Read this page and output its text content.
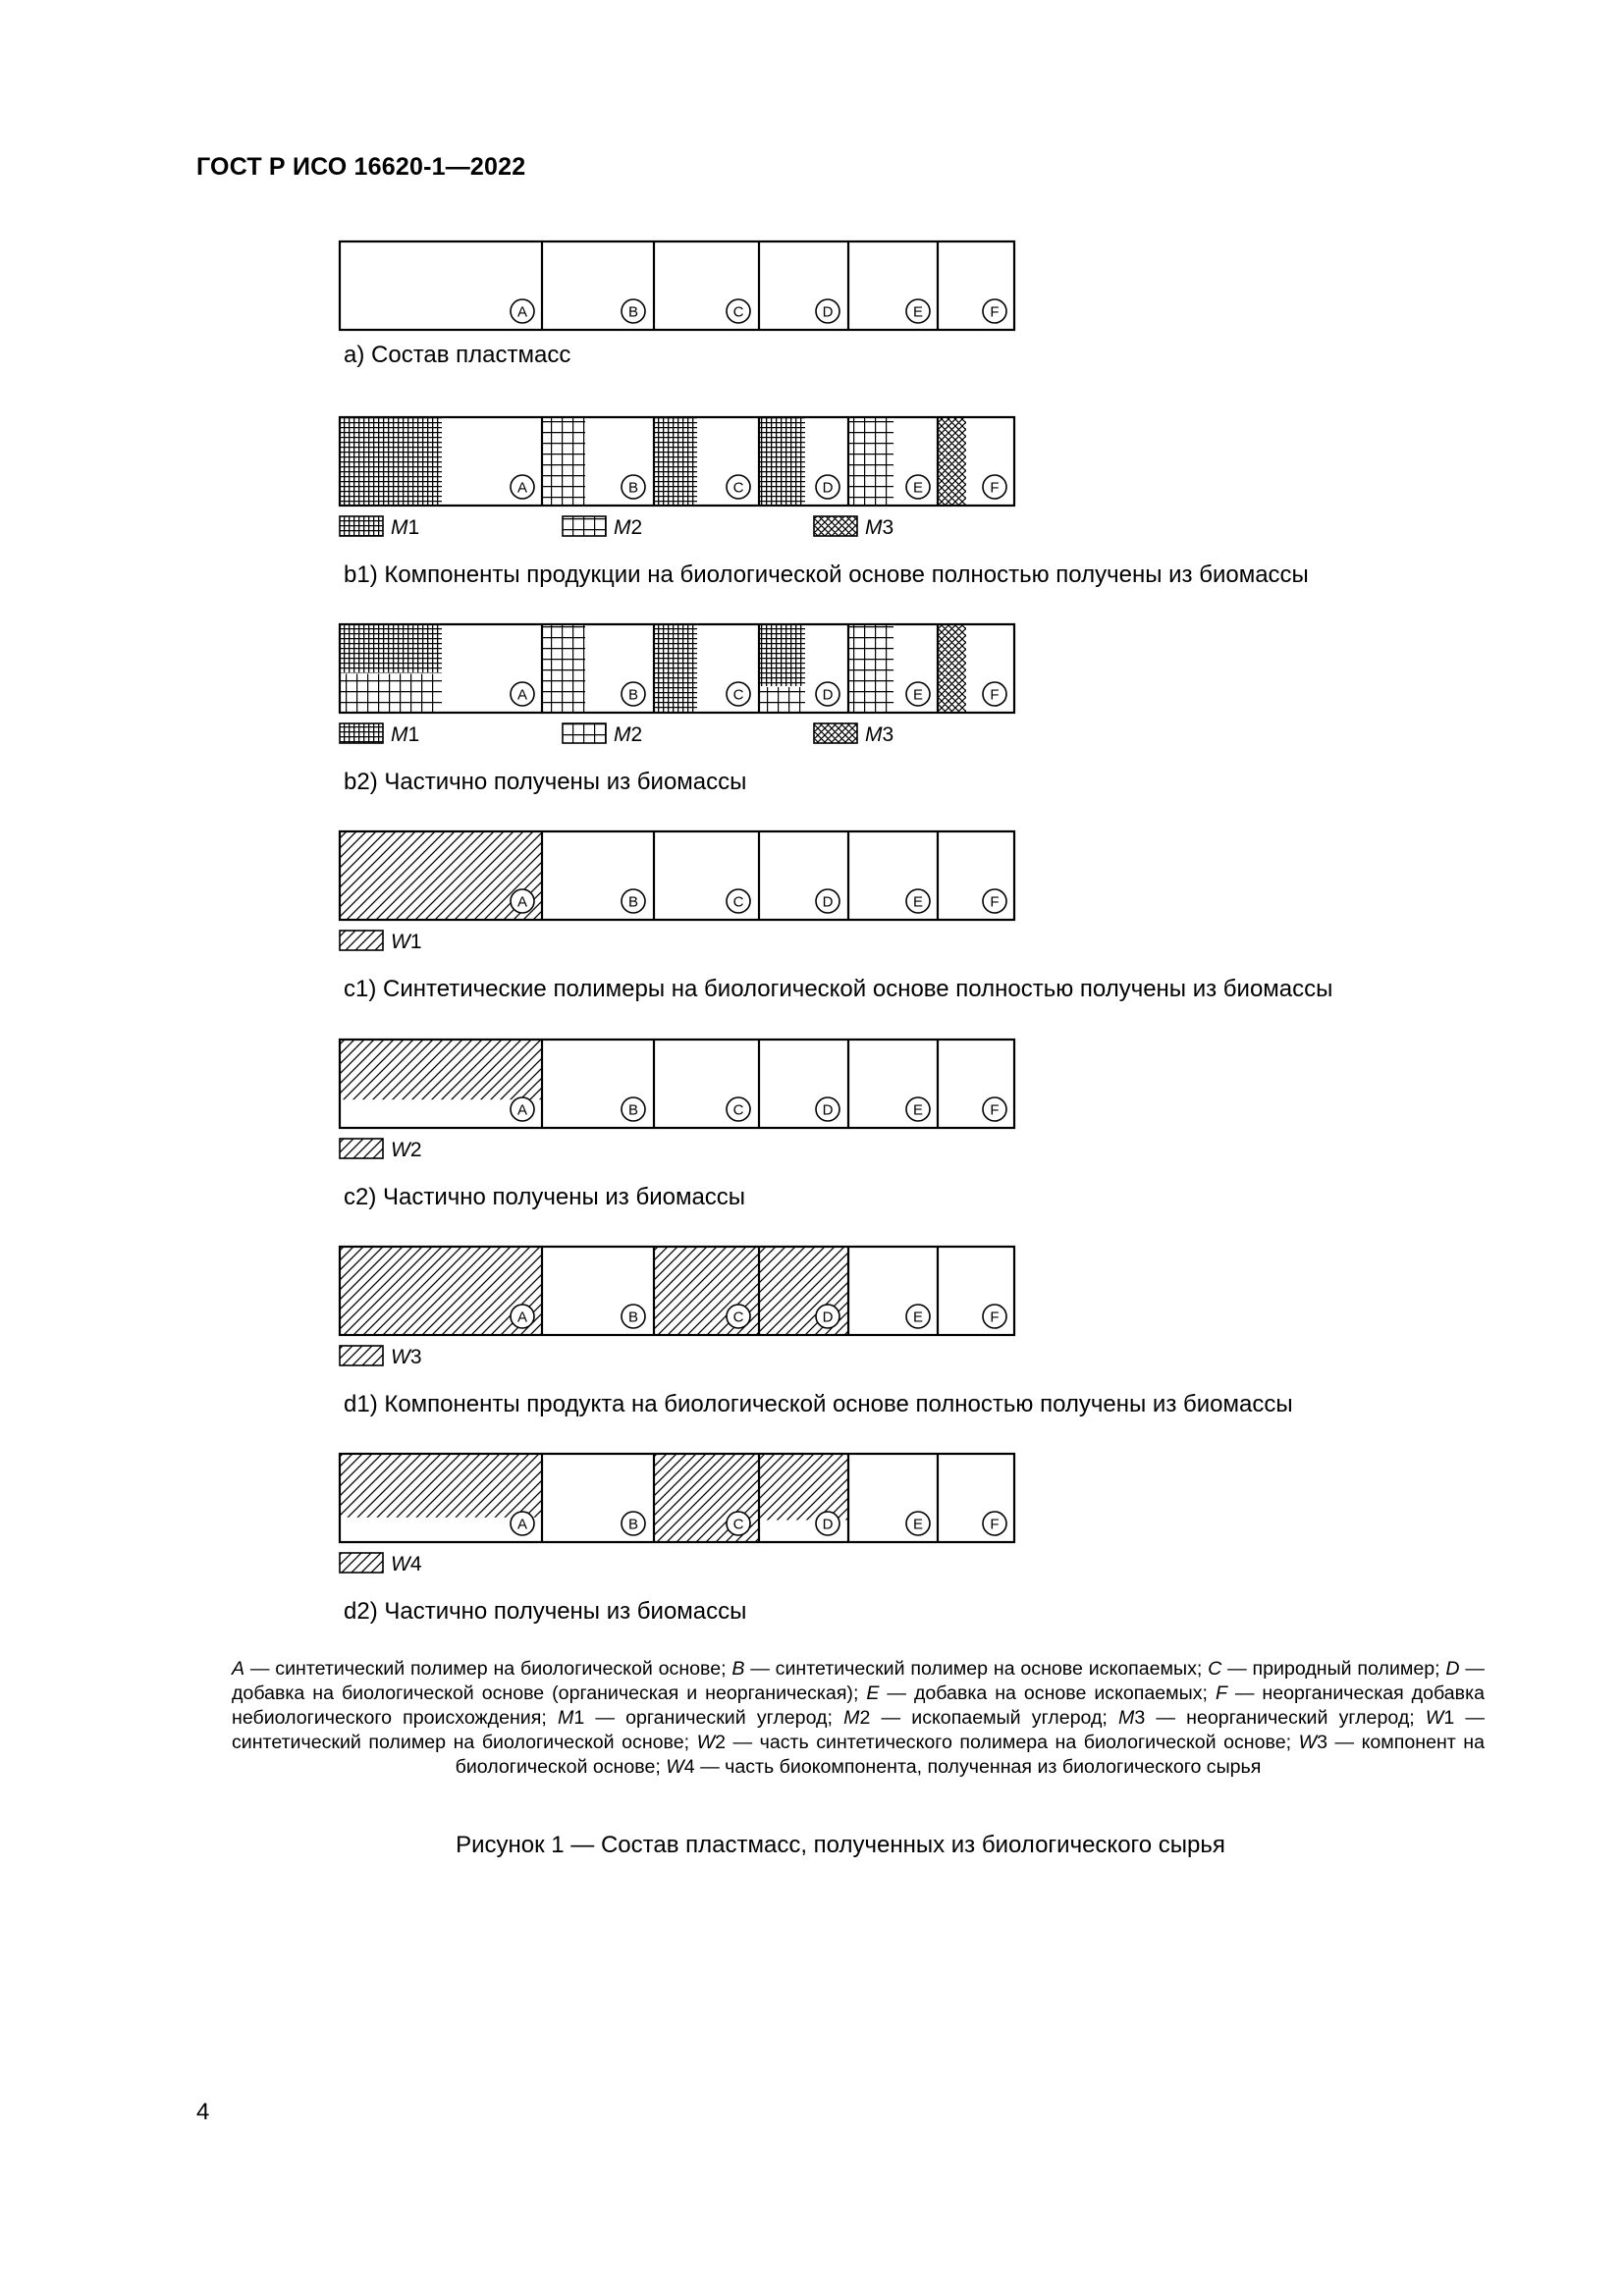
ГОСТ Р ИСО 16620-1—2022
A	B	C	D	E	F
a) Состав пластмасс
A	B	C	D	E	F
M1	M2	M3
b1) Компоненты продукции на биологической основе полностью получены из биомассы
A	B	C	D	E	F
M1	M2	M3
b2) Частично получены из биомассы
A	B	C	D	E	F
W1
c1) Синтетические полимеры на биологической основе полностью получены из биомассы
A	B	C	D	E	F
W2
c2) Частично получены из биомассы
A	B	C	D	E	F
W3
d1) Компоненты продукта на биологической основе полностью получены из биомассы
A	B	C	D	E	F
W4
d2) Частично получены из биомассы
A — синтетический полимер на биологической основе; B — синтетический полимер на основе ископаемых; C — природный полимер; D — добавка на биологической основе (органическая и неорганическая); E — добавка на основе ископаемых; F — неорганическая добавка небиологического происхождения; M1 — органический углерод; M2 — ископаемый углерод; M3 — неорганический углерод; W1 — синтетический полимер на биологической основе; W2 — часть синтетического полимера на биологической основе; W3 — компонент на биологической основе; W4 — часть биокомпонента, полученная из биологического сырья
Рисунок 1 — Состав пластмасс, полученных из биологического сырья
4
